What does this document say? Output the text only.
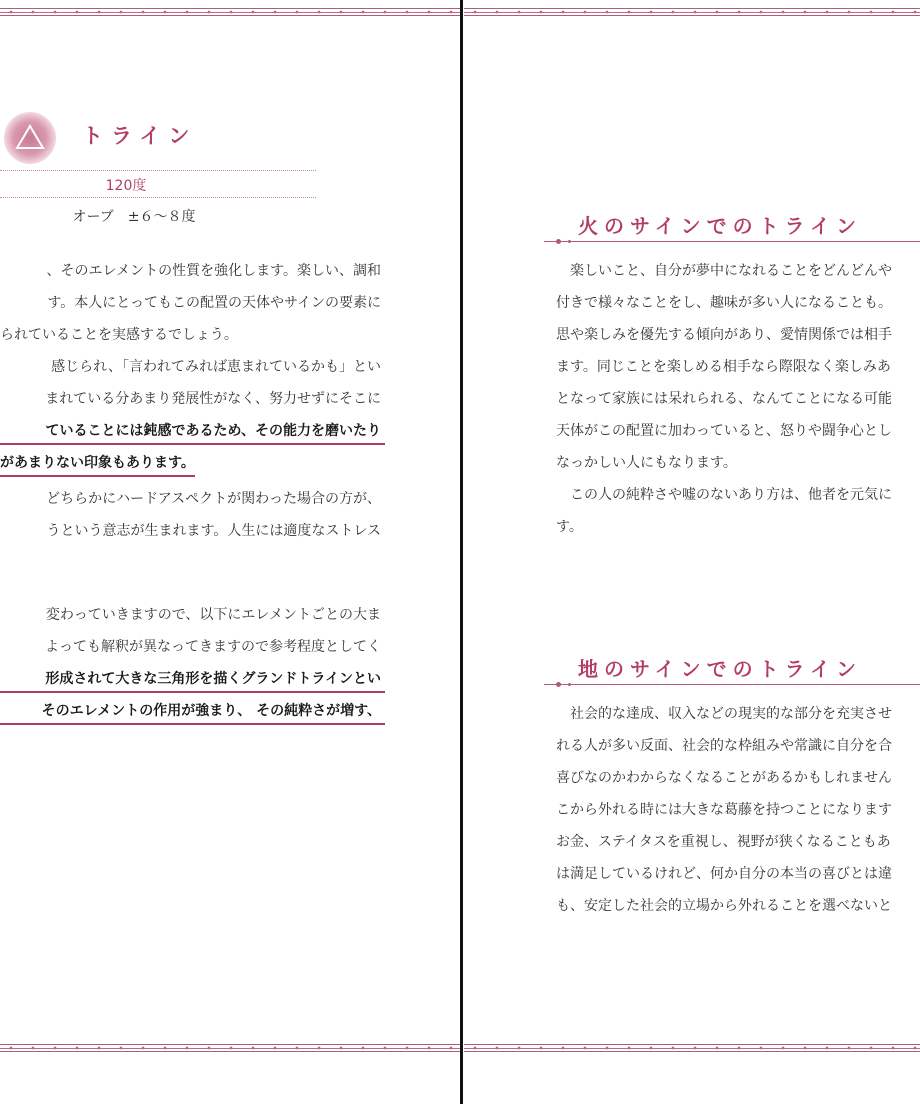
トライン
120度
オーブ　±６～８度
、そのエレメントの性質を強化します。楽しい、調和
す。本人にとってもこの配置の天体やサインの要素に
られていることを実感するでしょう。
感じられ、「言われてみれば恵まれているかも」とい
まれている分あまり発展性がなく、努力せずにそこに
ていることには鈍感であるため、その能力を磨いたり
があまりない印象もあります。
どちらかにハードアスペクトが関わった場合の方が、
うという意志が生まれます。人生には適度なストレス
変わっていきますので、以下にエレメントごとの大ま
よっても解釈が異なってきますので参考程度としてく
形成されて大きな三角形を描くグランドトラインとい
そのエレメントの作用が強まり、 その純粋さが増す、
火のサインでのトライン
楽しいこと、自分が夢中になれることをどんどんや
付きで様々なことをし、趣味が多い人になることも。
思や楽しみを優先する傾向があり、愛情関係では相手
ます。同じことを楽しめる相手なら際限なく楽しみあ
となって家族には呆れられる、なんてことになる可能
天体がこの配置に加わっていると、怒りや闘争心とし
なっかしい人にもなります。
この人の純粋さや嘘のないあり方は、他者を元気に
す。
地のサインでのトライン
社会的な達成、収入などの現実的な部分を充実させ
れる人が多い反面、社会的な枠組みや常識に自分を合
喜びなのかわからなくなることがあるかもしれません
こから外れる時には大きな葛藤を持つことになります
お金、ステイタスを重視し、視野が狭くなることもあ
は満足しているけれど、何か自分の本当の喜びとは違
も、安定した社会的立場から外れることを選べないと
